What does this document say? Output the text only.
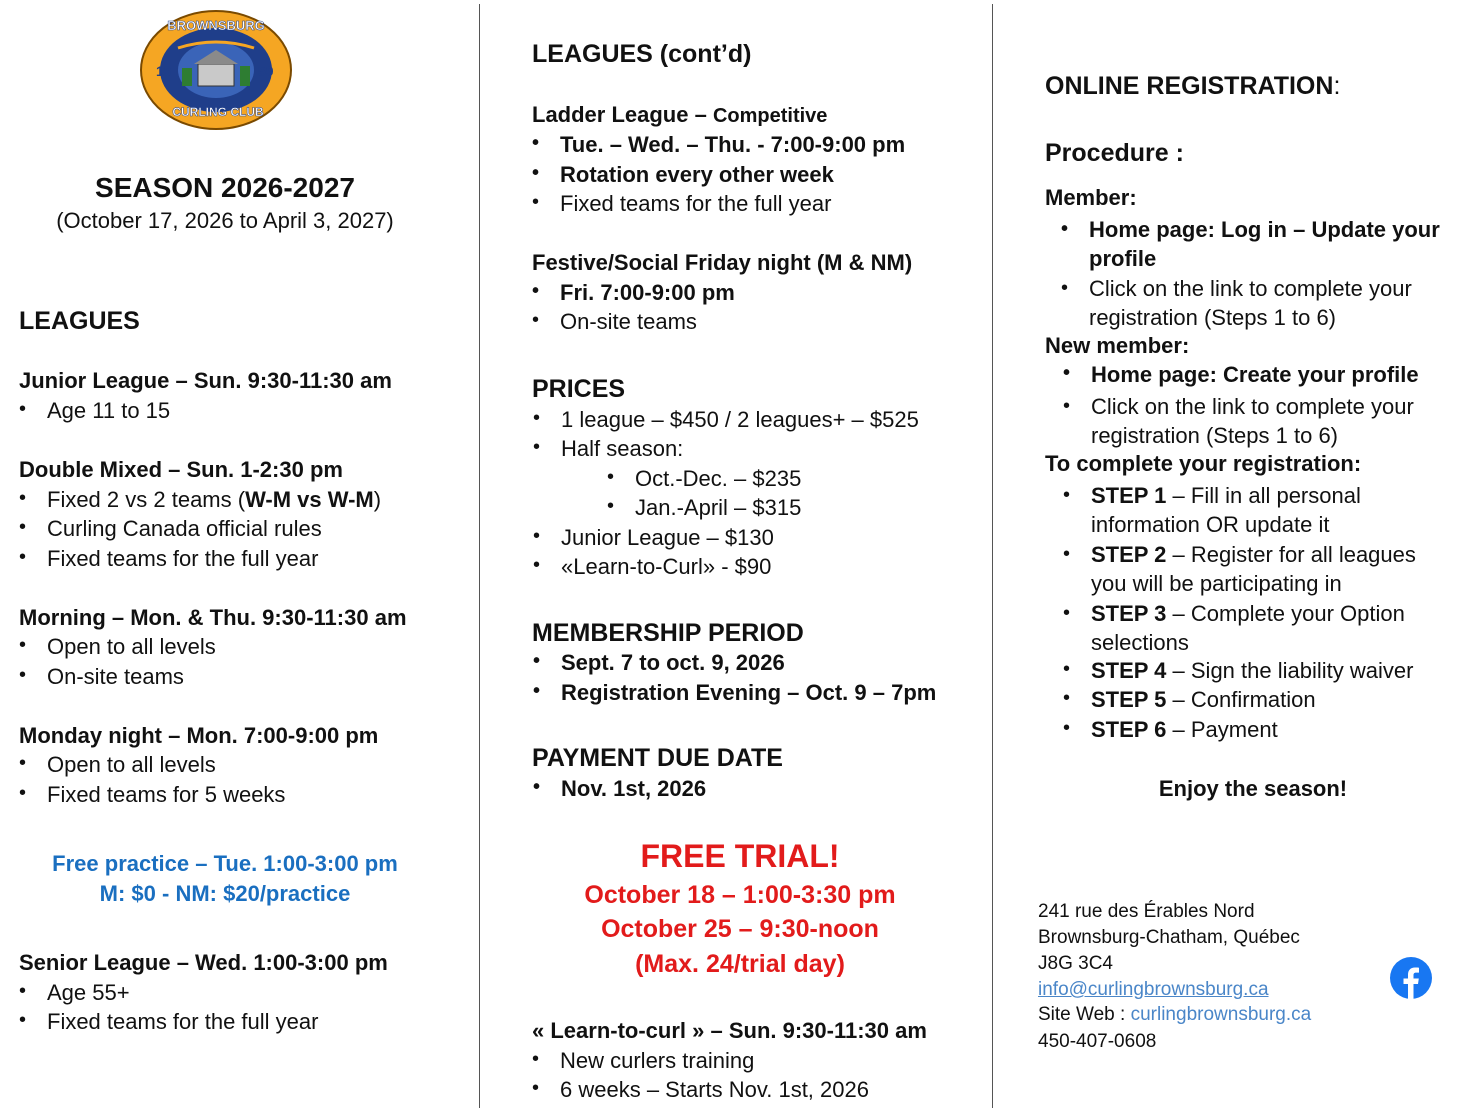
BROWNSBURG
19	59
CURLING CLUB
SEASON 2026-2027
(October 17, 2026 to April 3, 2027)
LEAGUES
Junior League – Sun. 9:30-11:30 am
• Age 11 to 15
Double Mixed – Sun. 1-2:30 pm
• Fixed 2 vs 2 teams (W-M vs W-M)
• Curling Canada official rules
• Fixed teams for the full year
Morning – Mon. & Thu. 9:30-11:30 am
• Open to all levels
• On-site teams
Monday night – Mon. 7:00-9:00 pm
• Open to all levels
• Fixed teams for 5 weeks
Free practice – Tue. 1:00-3:00 pm
M: $0 - NM: $20/practice
Senior League – Wed. 1:00-3:00 pm
• Age 55+
• Fixed teams for the full year
LEAGUES (cont’d)
Ladder League – Competitive
• Tue. – Wed. – Thu. - 7:00-9:00 pm
• Rotation every other week
• Fixed teams for the full year
Festive/Social Friday night (M & NM)
• Fri. 7:00-9:00 pm
• On-site teams
PRICES
• 1 league – $450 / 2 leagues+ – $525
• Half season:
• Oct.-Dec. – $235
• Jan.-April – $315
• Junior League – $130
• «Learn-to-Curl» - $90
MEMBERSHIP PERIOD
• Sept. 7 to oct. 9, 2026
• Registration Evening – Oct. 9 – 7pm
PAYMENT DUE DATE
• Nov. 1st, 2026
FREE TRIAL!
October 18 – 1:00-3:30 pm
October 25 – 9:30-noon
(Max. 24/trial day)
« Learn-to-curl » – Sun. 9:30-11:30 am
• New curlers training
• 6 weeks – Starts Nov. 1st, 2026
ONLINE REGISTRATION:
Procedure :
Member:
• Home page: Log in – Update your
profile
• Click on the link to complete your
registration (Steps 1 to 6)
New member:
• Home page: Create your profile
• Click on the link to complete your
registration (Steps 1 to 6)
To complete your registration:
• STEP 1 – Fill in all personal
information OR update it
• STEP 2 – Register for all leagues
you will be participating in
• STEP 3 – Complete your Option
selections
• STEP 4 – Sign the liability waiver
• STEP 5 – Confirmation
• STEP 6 – Payment
Enjoy the season!
241 rue des Érables Nord
Brownsburg-Chatham, Québec
J8G 3C4
info@curlingbrownsburg.ca
Site Web : curlingbrownsburg.ca
450-407-0608
